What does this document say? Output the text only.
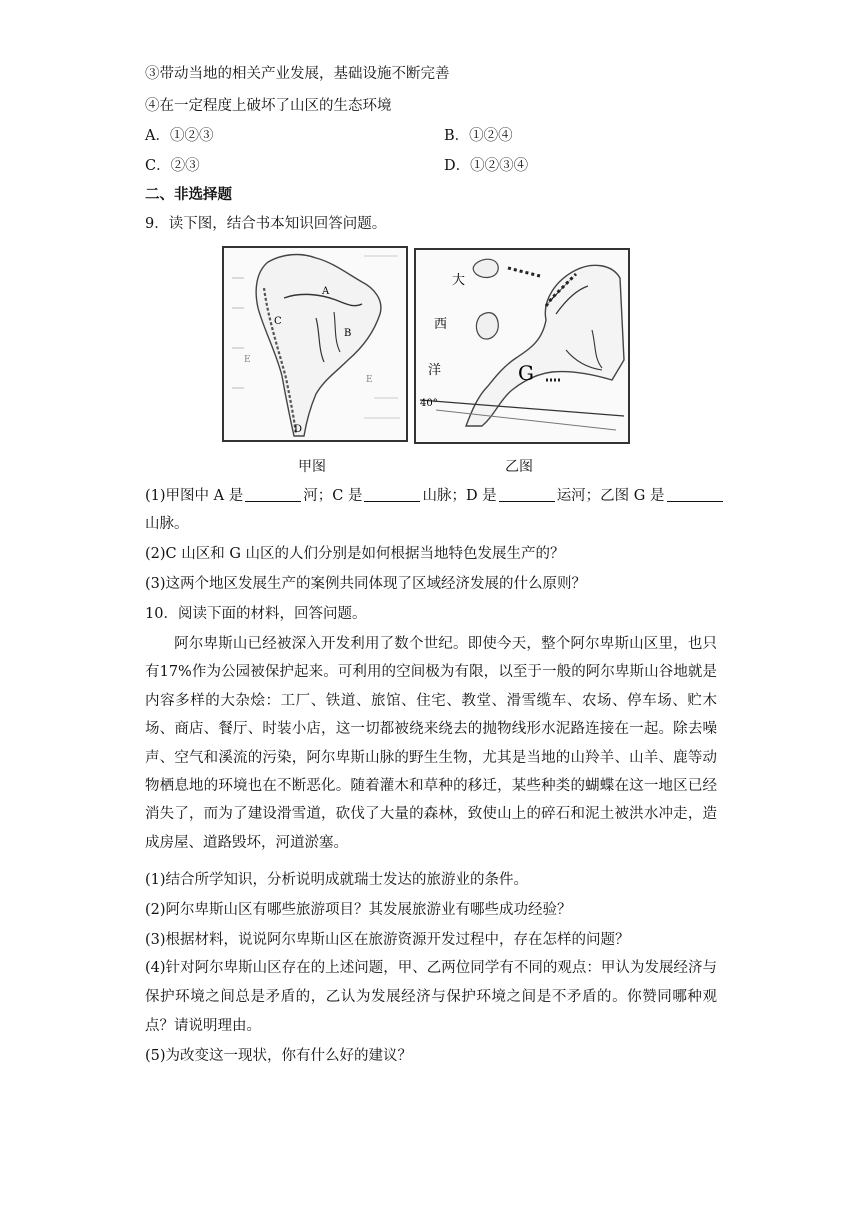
③带动当地的相关产业发展，基础设施不断完善
④在一定程度上破坏了山区的生态环境
A．①②③	B．①②④
C．②③	D．①②③④
二、非选择题
9．读下图，结合书本知识回答问题。
A
B
C
D
E
E
大
西
洋	G
40°
甲图	乙图
(1)甲图中 A 是	河；C 是	山脉；D 是	运河；乙图 G 是
山脉。
(2)C 山区和 G 山区的人们分别是如何根据当地特色发展生产的？
(3)这两个地区发展生产的案例共同体现了区域经济发展的什么原则？
10．阅读下面的材料，回答问题。
阿尔卑斯山已经被深入开发利用了数个世纪。即使今天，整个阿尔卑斯山区里，也只有17%作为公园被保护起来。可利用的空间极为有限，以至于一般的阿尔卑斯山谷地就是内容多样的大杂烩：工厂、铁道、旅馆、住宅、教堂、滑雪缆车、农场、停车场、贮木场、商店、餐厅、时装小店，这一切都被绕来绕去的抛物线形水泥路连接在一起。除去噪声、空气和溪流的污染，阿尔卑斯山脉的野生生物，尤其是当地的山羚羊、山羊、鹿等动物栖息地的环境也在不断恶化。随着灌木和草种的移迁，某些种类的蝴蝶在这一地区已经消失了，而为了建设滑雪道，砍伐了大量的森林，致使山上的碎石和泥土被洪水冲走，造成房屋、道路毁坏，河道淤塞。
(1)结合所学知识，分析说明成就瑞士发达的旅游业的条件。
(2)阿尔卑斯山区有哪些旅游项目？其发展旅游业有哪些成功经验？
(3)根据材料，说说阿尔卑斯山区在旅游资源开发过程中，存在怎样的问题？
(4)针对阿尔卑斯山区存在的上述问题，甲、乙两位同学有不同的观点：甲认为发展经济与保护环境之间总是矛盾的，乙认为发展经济与保护环境之间是不矛盾的。你赞同哪种观点？请说明理由。
(5)为改变这一现状，你有什么好的建议？
